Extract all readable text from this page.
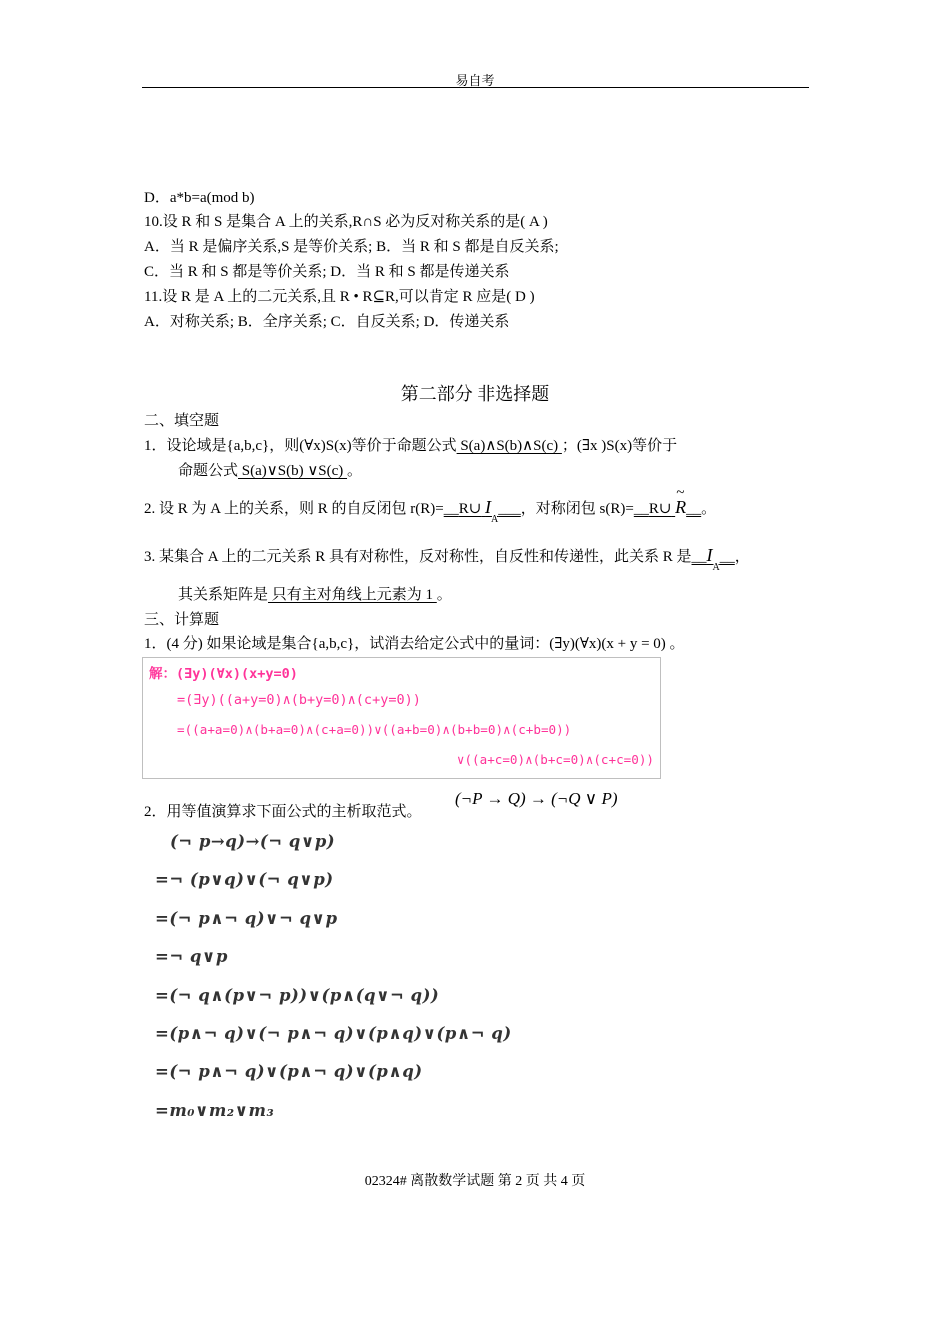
易自考
D．a*b=a(mod b)
10.设 R 和 S 是集合 A 上的关系,R∩S 必为反对称关系的是( A )
A．当 R 是偏序关系,S 是等价关系; B．当 R 和 S 都是自反关系;
C．当 R 和 S 都是等价关系; D．当 R 和 S 都是传递关系
11.设 R 是 A 上的二元关系,且 R • R⊆R,可以肯定 R 应是( D )
A．对称关系; B．全序关系; C．自反关系; D．传递关系
第二部分 非选择题
二、填空题
1．设论域是{a,b,c}，则(∀x)S(x)等价于命题公式 S(a)∧S(b)∧S(c) ；(∃x )S(x)等价于
命题公式 S(a)∨S(b) ∨S(c) 。
2. 设 R 为 A 上的关系，则 R 的自反闭包 r(R)=__R∪ $I_A\_\_\_$，对称闭包 s(R)=__R∪ ~ R__。
3. 某集合 A 上的二元关系 R 具有对称性，反对称性，自反性和传递性，此关系 R 是$\_\_I_A\_\_$，
其关系矩阵是 只有主对角线上元素为 1 。
三、计算题
1．(4 分) 如果论域是集合{a,b,c}，试消去给定公式中的量词：(∃y)(∀x)(x + y = 0) 。
解：(∃y)(∀x)(x+y=0)
=(∃y)((a+y=0)∧(b+y=0)∧(c+y=0))
=((a+a=0)∧(b+a=0)∧(c+a=0))∨((a+b=0)∧(b+b=0)∧(c+b=0))
∨((a+c=0)∧(b+c=0)∧(c+c=0))
2．用等值演算求下面公式的主析取范式。
(¬P → Q) → (¬Q ∨ P)
(¬ p→q)→(¬ q∨p)
=¬ (p∨q)∨(¬ q∨p)
=(¬ p∧¬ q)∨¬ q∨p
=¬ q∨p
=(¬ q∧(p∨¬ p))∨(p∧(q∨¬ q))
=(p∧¬ q)∨(¬ p∧¬ q)∨(p∧q)∨(p∧¬ q)
=(¬ p∧¬ q)∨(p∧¬ q)∨(p∧q)
=m₀∨m₂∨m₃
02324# 离散数学试题 第 2 页 共 4 页
